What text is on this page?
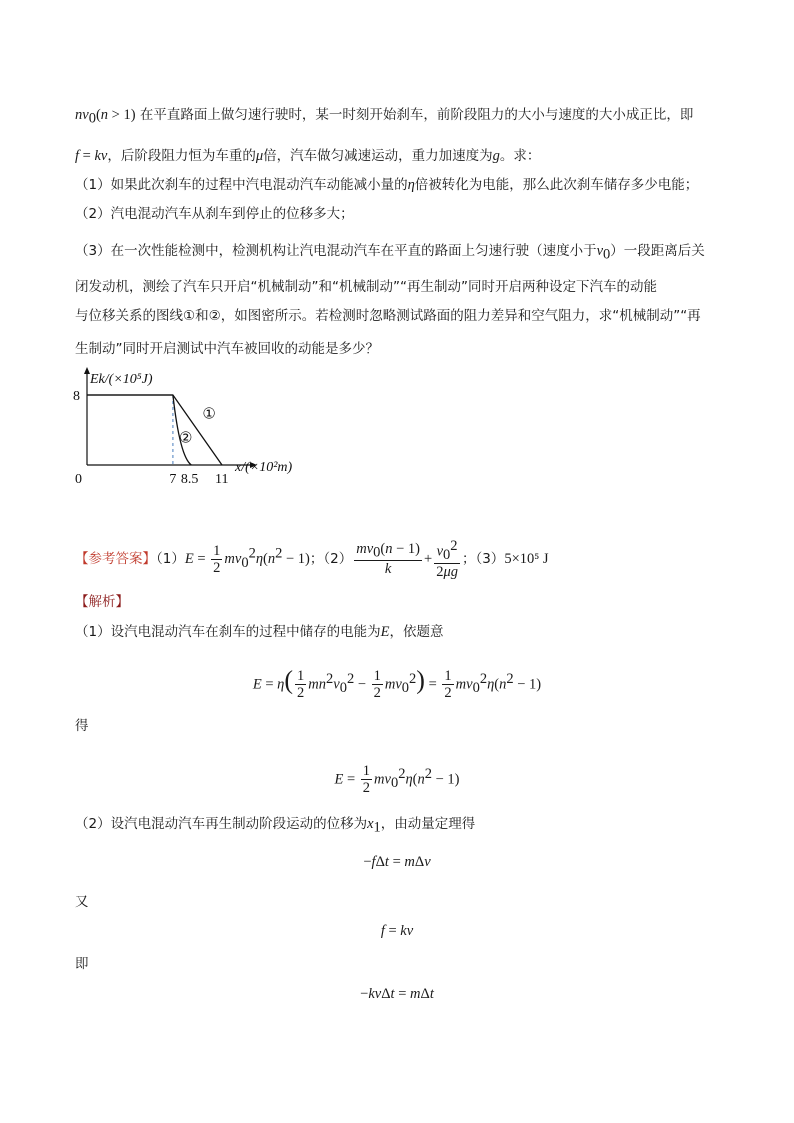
$nv_0(n > 1)$ 在平直路面上做匀速行驶时，某一时刻开始刹车，前阶段阻力的大小与速度的大小成正比，即
f = kv，后阶段阻力恒为车重的μ倍，汽车做匀减速运动，重力加速度为g。求：
（1）如果此次刹车的过程中汽电混动汽车动能减小量的η倍被转化为电能，那么此次刹车储存多少电能；
（2）汽电混动汽车从刹车到停止的位移多大；
（3）在一次性能检测中，检测机构让汽电混动汽车在平直的路面上匀速行驶（速度小于$v_0$）一段距离后关
闭发动机，测绘了汽车只开启“机械制动”和“机械制动”“再生制动”同时开启两种设定下汽车的动能
与位移关系的图线①和②，如图密所示。若检测时忽略测试路面的阻力差异和空气阻力，求“机械制动”“再
生制动”同时开启测试中汽车被回收的动能是多少？
Ek/(×10⁵J)
x/(×10²m)
8
0	7 8.5 11
①
②
【参考答案】$(1)E = \frac{1}{2} mv_0^2\eta(n^2 - 1)$；$(2) \frac{mv_0(n - 1)}{k} + \frac{v_0^2}{2\mu g}$ ；（3）5×10⁵ J
【解析】
（1）设汽电混动汽车在刹车的过程中储存的电能为E，依题意
$E = \eta( \frac{1}{2} mn^2v_0^2 - \frac{1}{2} mv_0^2) = \frac{1}{2} mv_0^2\eta(n^2 - 1)$
得
$E = \frac{1}{2} mv_0^2\eta(n^2 - 1)$
（2）设汽电混动汽车再生制动阶段运动的位移为$x_1$，由动量定理得
−fΔt = mΔv
又
f = kv
即
−kvΔt = mΔt
